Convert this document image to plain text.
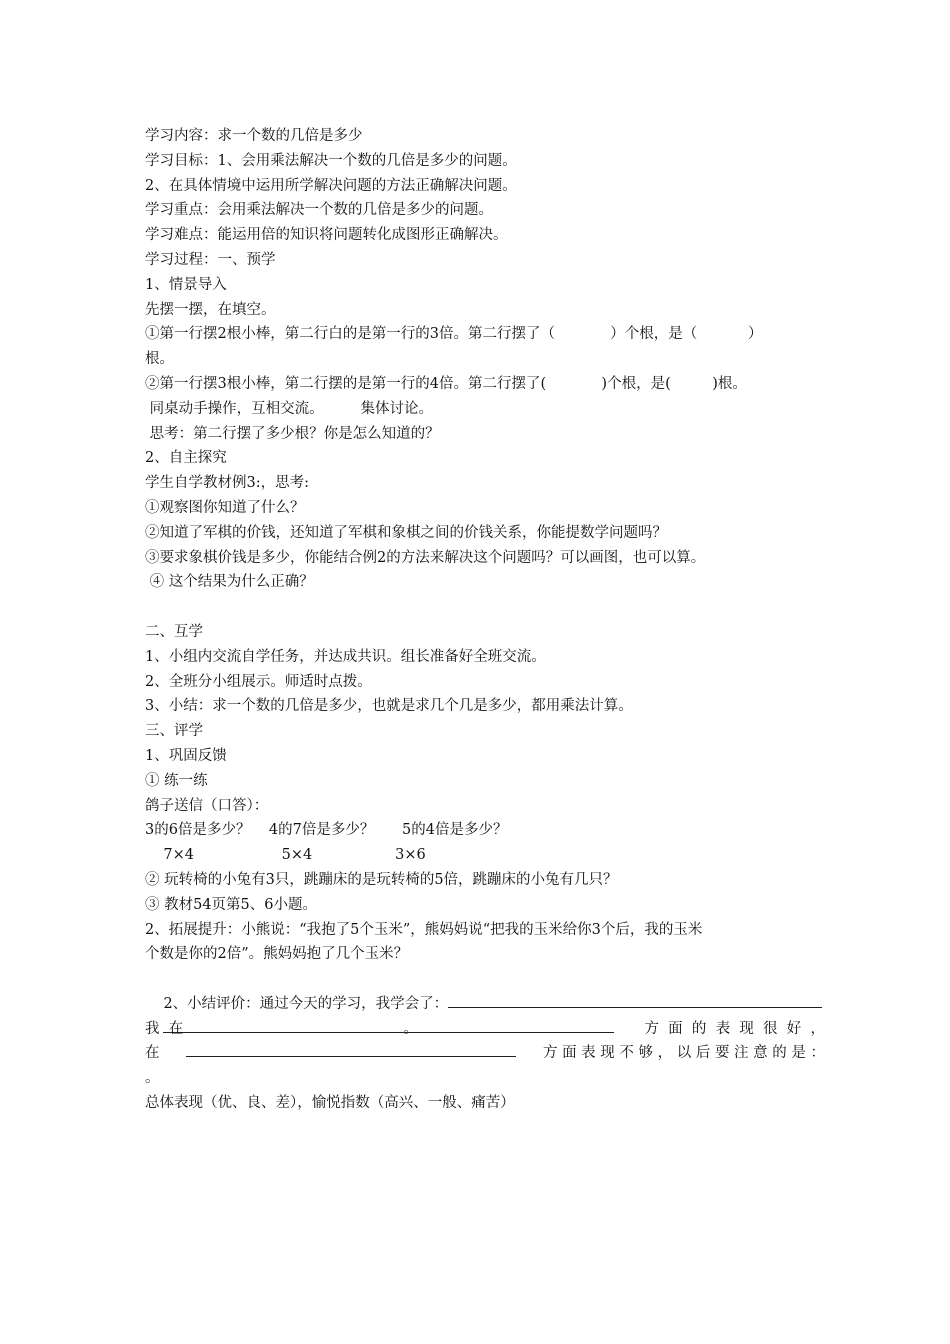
学习内容：求一个数的几倍是多少
学习目标：1、会用乘法解决一个数的几倍是多少的问题。
2、在具体情境中运用所学解决问题的方法正确解决问题。
学习重点：会用乘法解决一个数的几倍是多少的问题。
学习难点：能运用倍的知识将问题转化成图形正确解决。
学习过程：一、预学
1、情景导入
先摆一摆，在填空。
①第一行摆2根小棒，第二行白的是第一行的3倍。第二行摆了（            ）个根，是（           ）
根。
②第一行摆3根小棒，第二行摆的是第一行的4倍。第二行摆了(            )个根，是(         )根。
同桌动手操作，互相交流。        集体讨论。
思考：第二行摆了多少根？你是怎么知道的？
2、自主探究
学生自学教材例3:，思考:
①观察图你知道了什么？
②知道了军棋的价钱，还知道了军棋和象棋之间的价钱关系，你能提数学问题吗？
③要求象棋价钱是多少，你能结合例2的方法来解决这个问题吗？可以画图，也可以算。
④ 这个结果为什么正确？
二、互学
1、小组内交流自学任务，并达成共识。组长准备好全班交流。
2、全班分小组展示。师适时点拨。
3、小结：求一个数的几倍是多少，也就是求几个几是多少，都用乘法计算。
三、评学
1、巩固反馈
① 练一练
鸽子送信（口答）：
3的6倍是多少？    4的7倍是多少？      5的4倍是多少？
7×4                   5×4                  3×6
② 玩转椅的小兔有3只，跳蹦床的是玩转椅的5倍，跳蹦床的小兔有几只？
③ 教材54页第5、6小题。
2、拓展提升：小熊说：“我抱了5个玉米”，熊妈妈说“把我的玉米给你3个后，我的玉米
个数是你的2倍”。熊妈妈抱了几个玉米？

2、小结评价：通过今天的学习，我学会了：

。

我  在	方  面  的  表  现  很  好  ，
在	方 面 表 现 不 够 ， 以 后 要 注 意 的 是 ：
。
总体表现（优、良、差），愉悦指数（高兴、一般、痛苦）
